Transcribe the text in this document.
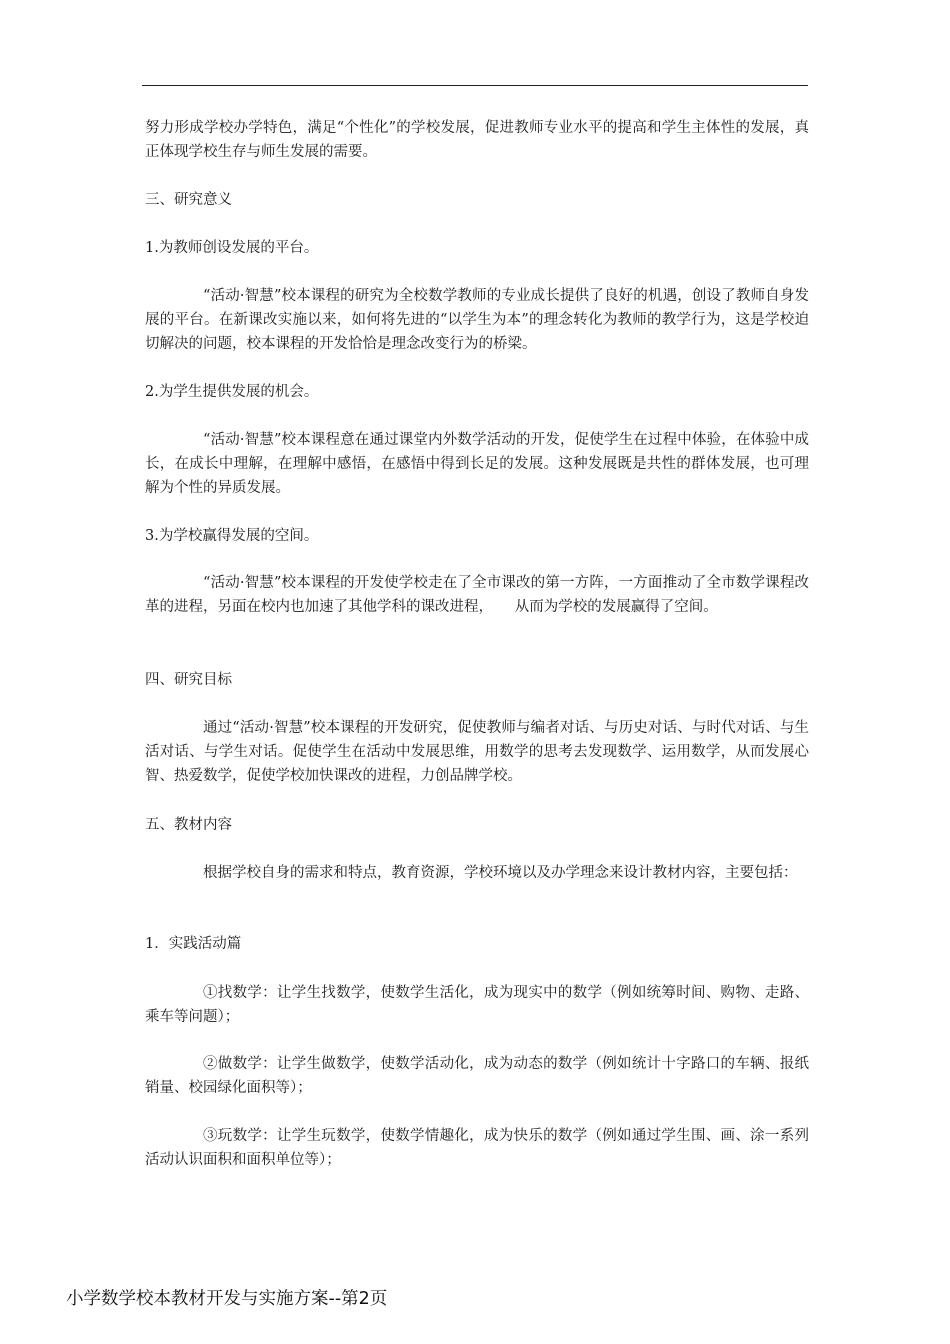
努力形成学校办学特色，满足“个性化”的学校发展，促进教师专业水平的提高和学生主体性的发展，真正体现学校生存与师生发展的需要。

三、研究意义

1.为教师创设发展的平台。

“活动·智慧”校本课程的研究为全校数学教师的专业成长提供了良好的机遇，创设了教师自身发展的平台。在新课改实施以来，如何将先进的“以学生为本”的理念转化为教师的教学行为，这是学校迫切解决的问题，校本课程的开发恰恰是理念改变行为的桥梁。

2.为学生提供发展的机会。

“活动·智慧”校本课程意在通过课堂内外数学活动的开发，促使学生在过程中体验，在体验中成长，在成长中理解，在理解中感悟，在感悟中得到长足的发展。这种发展既是共性的群体发展，也可理解为个性的异质发展。

3.为学校赢得发展的空间。

“活动·智慧”校本课程的开发使学校走在了全市课改的第一方阵，一方面推动了全市数学课程改革的进程，另面在校内也加速了其他学科的课改进程，　　从而为学校的发展赢得了空间。

四、研究目标

通过“活动·智慧”校本课程的开发研究，促使教师与编者对话、与历史对话、与时代对话、与生活对话、与学生对话。促使学生在活动中发展思维，用数学的思考去发现数学、运用数学，从而发展心智、热爱数学，促使学校加快课改的进程，力创品牌学校。

五、教材内容

根据学校自身的需求和特点，教育资源，学校环境以及办学理念来设计教材内容，主要包括：

1．实践活动篇

①找数学：让学生找数学，使数学生活化，成为现实中的数学（例如统筹时间、购物、走路、乘车等问题）；

②做数学：让学生做数学，使数学活动化，成为动态的数学（例如统计十字路口的车辆、报纸销量、校园绿化面积等）；

③玩数学：让学生玩数学，使数学情趣化，成为快乐的数学（例如通过学生围、画、涂一系列活动认识面积和面积单位等）；

小学数学校本教材开发与实施方案--第2页
